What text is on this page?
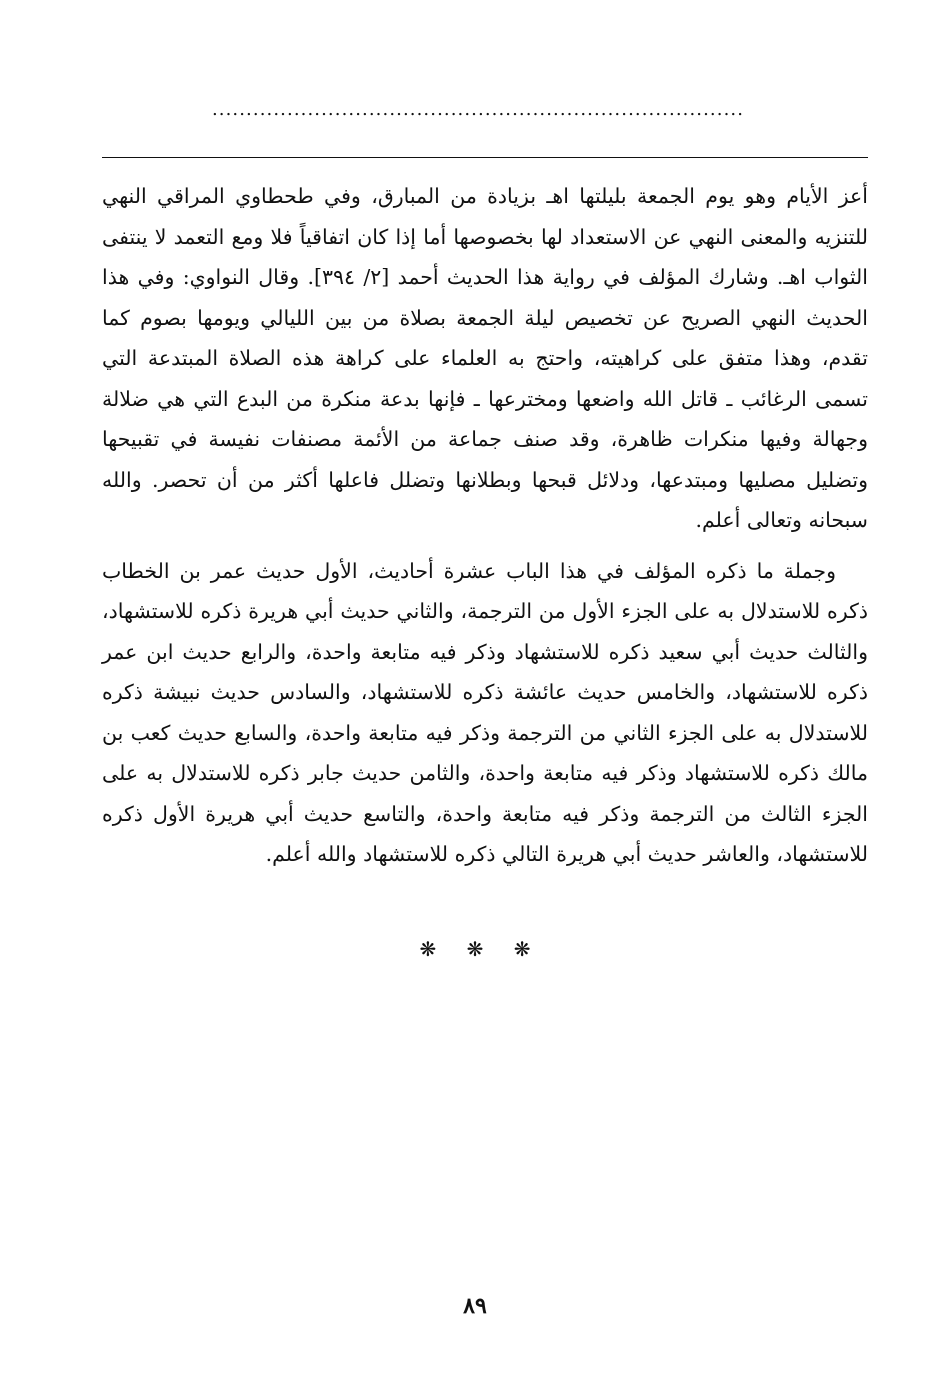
..............................................................................

أعز الأيام وهو يوم الجمعة بليلتها اهـ بزيادة من المبارق، وفي طحطاوي المراقي النهي للتنزيه والمعنى النهي عن الاستعداد لها بخصوصها أما إذا كان اتفاقياً فلا ومع التعمد لا ينتفى الثواب اهـ. وشارك المؤلف في رواية هذا الحديث أحمد [٢/ ٣٩٤]. وقال النواوي: وفي هذا الحديث النهي الصريح عن تخصيص ليلة الجمعة بصلاة من بين الليالي ويومها بصوم كما تقدم، وهذا متفق على كراهيته، واحتج به العلماء على كراهة هذه الصلاة المبتدعة التي تسمى الرغائب ـ قاتل الله واضعها ومخترعها ـ فإنها بدعة منكرة من البدع التي هي ضلالة وجهالة وفيها منكرات ظاهرة، وقد صنف جماعة من الأئمة مصنفات نفيسة في تقبيحها وتضليل مصليها ومبتدعها، ودلائل قبحها وبطلانها وتضلل فاعلها أكثر من أن تحصر. والله سبحانه وتعالى أعلم.

وجملة ما ذكره المؤلف في هذا الباب عشرة أحاديث، الأول حديث عمر بن الخطاب ذكره للاستدلال به على الجزء الأول من الترجمة، والثاني حديث أبي هريرة ذكره للاستشهاد، والثالث حديث أبي سعيد ذكره للاستشهاد وذكر فيه متابعة واحدة، والرابع حديث ابن عمر ذكره للاستشهاد، والخامس حديث عائشة ذكره للاستشهاد، والسادس حديث نبيشة ذكره للاستدلال به على الجزء الثاني من الترجمة وذكر فيه متابعة واحدة، والسابع حديث كعب بن مالك ذكره للاستشهاد وذكر فيه متابعة واحدة، والثامن حديث جابر ذكره للاستدلال به على الجزء الثالث من الترجمة وذكر فيه متابعة واحدة، والتاسع حديث أبي هريرة الأول ذكره للاستشهاد، والعاشر حديث أبي هريرة التالي ذكره للاستشهاد والله أعلم.

❋ ❋ ❋
٨٩
